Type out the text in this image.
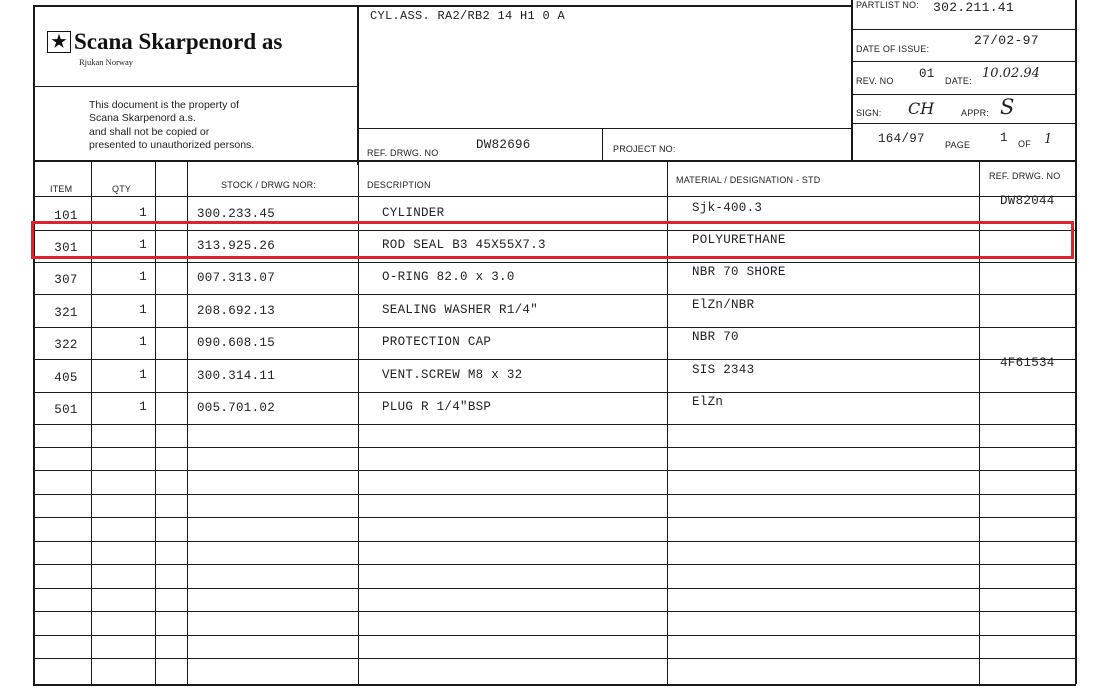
★ Scana Skarpenord as
Rjukan Norway
This document is the property of
Scana Skarpenord a.s.
and shall not be copied or
presented to unauthorized persons.
CYL.ASS. RA2/RB2 14 H1 0 A
PARTLIST NO: 302.211.41
DATE OF ISSUE:
27/02-97
REV. NO 01 DATE: 10.02.94
SIGN: CH	APPR: S
REF. DRWG. NO
DW82696	PROJECT NO:
164/97 PAGE 1 OF 1
ITEM	QTY	STOCK / DRWG NOR:	DESCRIPTION	MATERIAL / DESIGNATION - STD	REF. DRWG. NO
101	1	300.233.45	CYLINDER	Sjk-400.3	DW82044
301	1	313.925.26	ROD SEAL B3 45X55X7.3	POLYURETHANE
307	1	007.313.07	O-RING 82.0 x 3.0	NBR 70 SHORE
321	1	208.692.13	SEALING WASHER R1/4"	ElZn/NBR
322	1	090.608.15	PROTECTION CAP	NBR 70
405	1	300.314.11	VENT.SCREW M8 x 32	SIS 2343	4F61534
501	1	005.701.02	PLUG R 1/4"BSP	ElZn
